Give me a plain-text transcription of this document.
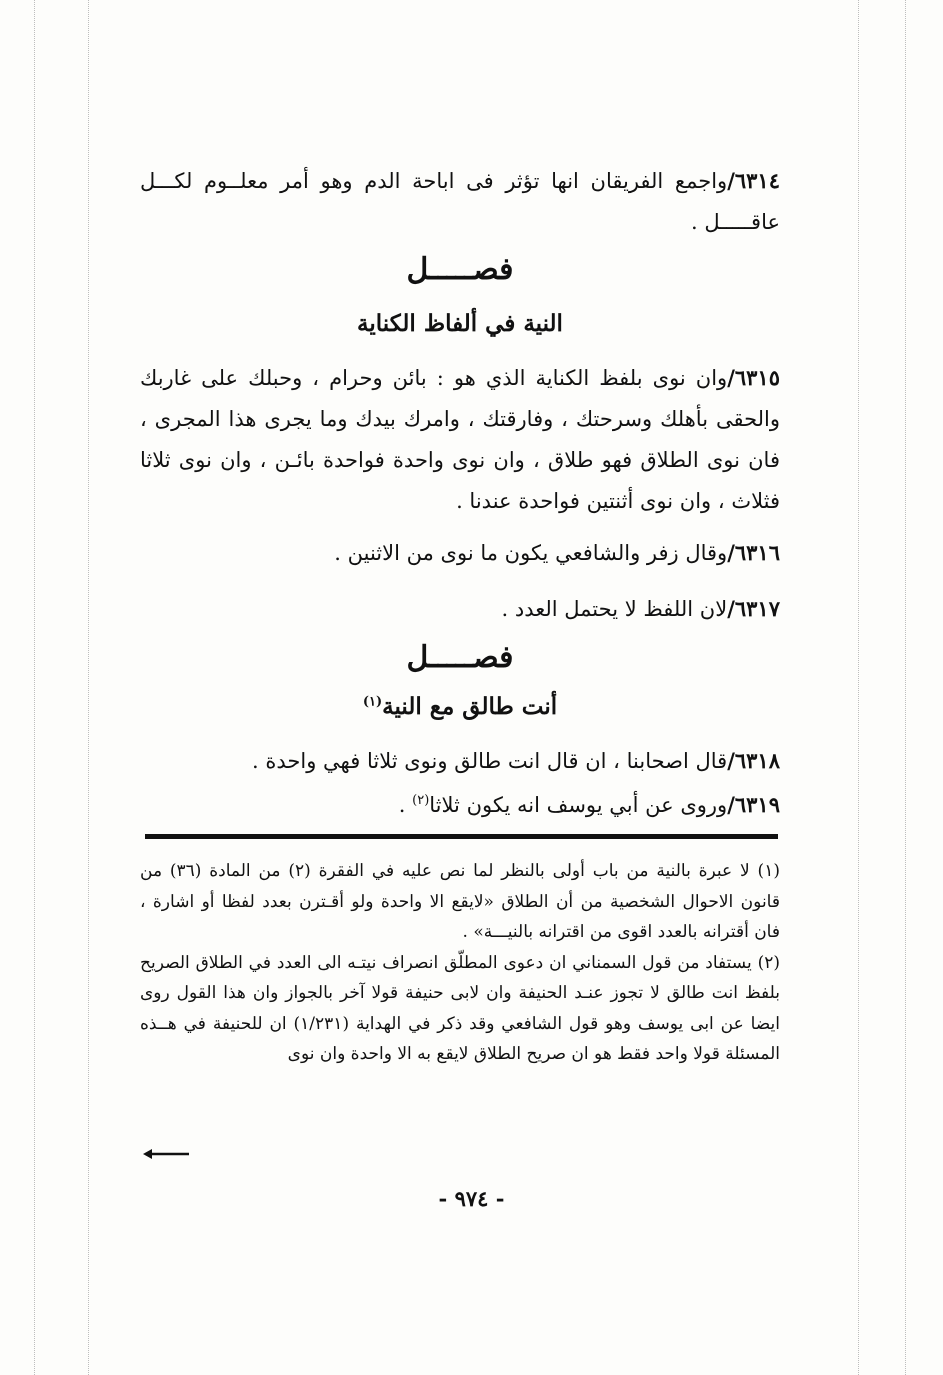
٦٣١٤/واجمع الفريقان انها تؤثر فى اباحة الدم وهو أمر معلــوم لكـــل عاقـــــل .

فصـــــل
النية في ألفاظ الكناية

٦٣١٥/وان نوى بلفظ الكناية الذي هو : بائن وحرام ، وحبلك على غاربك والحقى بأهلك وسرحتك ، وفارقتك ، وامرك بيدك وما يجرى هذا المجرى ، فان نوى الطلاق فهو طلاق ، وان نوى واحدة فواحدة بائـن ، وان نوى ثلاثا فثلاث ، وان نوى أثنتين فواحدة عندنا .

٦٣١٦/وقال زفر والشافعي يكون ما نوى من الاثنين .

٦٣١٧/لان اللفظ لا يحتمل العدد .

فصـــــل
أنت طالق مع النية$^{(١)}$

٦٣١٨/قال اصحابنا ، ان قال انت طالق ونوى ثلاثا فهي واحدة .

٦٣١٩/وروى عن أبي يوسف انه يكون ثلاثا$^{(٢)}$ .

(١) لا عبرة بالنية من باب أولى بالنظر لما نص عليه في الفقرة (٢) من المادة (٣٦) من قانون الاحوال الشخصية من أن الطلاق «لايقع الا واحدة ولو أقـترن بعدد لفظا أو اشارة ، فان أقترانه بالعدد اقوى من اقترانه بالنيـــة» .

(٢) يستفاد من قول السمناني ان دعوى المطلّق انصراف نيتـه الى العدد في الطلاق الصريح بلفظ انت طالق لا تجوز عنـد الحنيفة وان لابى حنيفة قولا آخر بالجواز وان هذا القول روى ايضا عن ابى يوسف وهو قول الشافعي وقد ذكر في الهداية (١/٢٣١) ان للحنيفة في هــذه المسئلة قولا واحد فقط هو ان صريح الطلاق لايقع به الا واحدة وان نوى

- ٩٧٤ -
